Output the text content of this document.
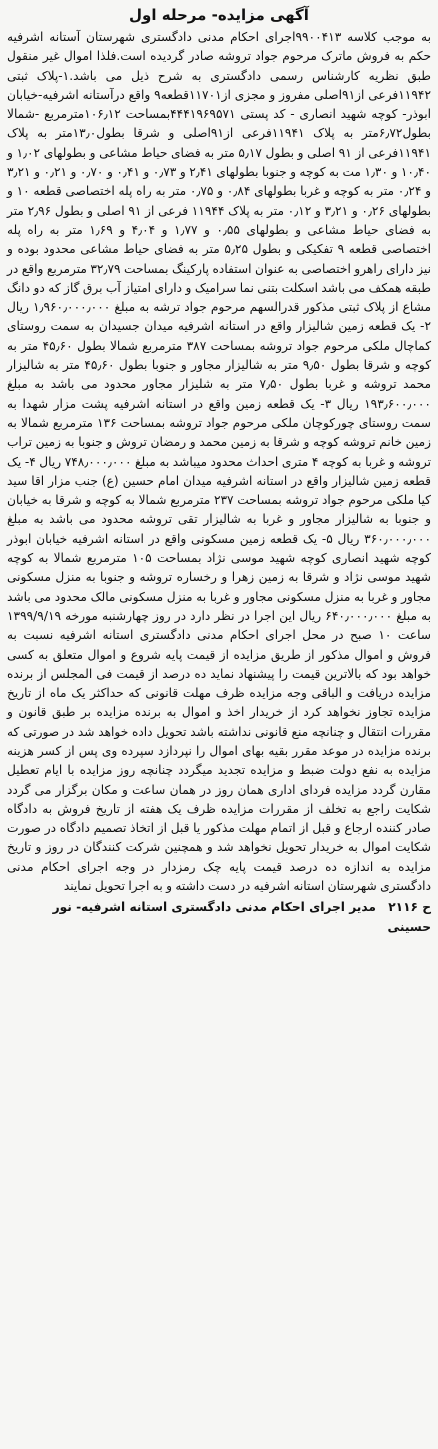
آگهی مزایده- مرحله اول

به موجب کلاسه ۹۹۰۰۴۱۳اجرای احکام مدنی دادگستری شهرستان آستانه اشرفیه حکم به فروش ماترک مرحوم جواد تروشه صادر گردیده است.فلذا اموال غیر منقول طبق نظریه کارشناس رسمی دادگستری به شرح ذیل می باشد.۱-پلاک ثبتی ۱۱۹۴۲فرعی از۹۱اصلی مفروز و مجزی از۱۱۷۰۱قطعه۹ واقع درآستانه اشرفیه-خیابان ابوذر- کوچه شهید انصاری - کد پستی ۴۴۴۱۹۶۹۵۷۱بمساحت ۱۰۶٫۱۲مترمربع -شمالا بطول۶٫۷۲متر به پلاک ۱۱۹۴۱فرعی از۹۱اصلی و شرقا بطول۱۳٫۰متر به پلاک ۱۱۹۴۱فرعی از ۹۱ اصلی و بطول ۵٫۱۷ متر به فضای حیاط مشاعی و بطولهای ۱٫۰۲ و ۱۰٫۴۰ و ۱٫۳۰ مت به کوچه و جنوبا بطولهای ۲٫۴۱ و ۰٫۷۳ و ۰٫۴۱ و ۰٫۷۰ و ۰٫۲۱ و ۳٫۲۱ و ۰٫۲۴ متر به کوچه و غربا بطولهای ۰٫۸۴ و ۰٫۷۵ متر به راه پله اختصاصی قطعه ۱۰ و بطولهای ۰٫۲۶ و ۳٫۲۱ و ۰٫۱۲ متر به پلاک ۱۱۹۴۴ فرعی از ۹۱ اصلی و بطول ۲٫۹۶ متر به فضای حیاط مشاعی و بطولهای ۰٫۵۵ و ۱٫۷۷ و ۴٫۰۴ و ۱٫۶۹ متر به راه پله اختصاصی قطعه ۹ تفکیکی و بطول ۵٫۲۵ متر به فضای حیاط مشاعی محدود بوده و نیز دارای راهرو اختصاصی به عنوان استفاده پارکینگ بمساحت ۳۲٫۷۹ مترمربع واقع در طبقه همکف می باشد اسکلت بتنی نما سرامیک و دارای امتیاز آب برق گاز که دو دانگ مشاع از پلاک ثبتی مذکور قدرالسهم مرحوم جواد ترشه به مبلغ ۱٫۹۶۰٫۰۰۰٫۰۰۰ ریال ۲- یک قطعه زمین شالیزار واقع در استانه اشرفیه میدان جسیدان به سمت روستای کماچال ملکی مرحوم جواد تروشه بمساحت ۳۸۷ مترمربع شمالا بطول ۴۵٫۶۰ متر به کوچه و شرقا بطول ۹٫۵۰ متر به شالیزار مجاور و جنوبا بطول ۴۵٫۶۰ متر به شالیزار محمد تروشه و غربا بطول ۷٫۵۰ متر به شلیزار مجاور محدود می باشد به مبلغ ۱۹۳٫۶۰۰٫۰۰۰ ریال ۳- یک قطعه زمین واقع در استانه اشرفیه پشت مزار شهدا به سمت روستای چورکوچان ملکی مرحوم جواد تروشه بمساحت ۱۳۶ مترمربع شمالا به زمین خانم تروشه کوچه و شرقا به زمین محمد و رمضان تروش و جنوبا به زمین تراب تروشه و غربا به کوچه ۴ متری احداث محدود میباشد به مبلغ ۷۴۸٫۰۰۰٫۰۰۰ ریال ۴- یک قطعه زمین شالیزار واقع در استانه اشرفیه میدان امام حسین (ع) جنب مزار اقا سید کیا ملکی مرحوم جواد تروشه بمساحت ۲۳۷ مترمربع شمالا به کوچه و شرقا به خیابان و جنوبا به شالیزار مجاور و غربا به شالیزار تقی تروشه محدود می باشد به مبلغ ۳۶۰٫۰۰۰٫۰۰۰ ریال ۵- یک قطعه زمین مسکونی واقع در استانه اشرفیه خیابان ابوذر کوچه شهید انصاری کوچه شهید موسی نژاد بمساحت ۱۰۵ مترمربع شمالا به کوچه شهید موسی نژاد و شرقا به زمین زهرا و رخساره تروشه و جنوبا به منزل مسکونی مجاور و غربا به منزل مسکونی مجاور و غربا به منزل مسکونی مالک محدود می باشد به مبلغ ۶۴۰٫۰۰۰٫۰۰۰ ریال این اجرا در نظر دارد در روز چهارشنبه مورخه ۱۳۹۹/۹/۱۹ ساعت ۱۰ صبح در محل اجرای احکام مدنی دادگستری استانه اشرفیه نسبت به فروش و اموال مذکور از طریق مزایده از قیمت پایه شروع و اموال متعلق به کسی خواهد بود که بالاترین قیمت را پیشنهاد نماید ده درصد از قیمت فی المجلس از برنده مزایده دریافت و الباقی وجه مزایده ظرف مهلت قانونی که حداکثر یک ماه از تاریخ مزایده تجاوز نخواهد کرد از خریدار اخذ و اموال به برنده مزایده بر طبق قانون و مقررات انتقال و چنانچه منع قانونی نداشته باشد تحویل داده خواهد شد در صورتی که برنده مزایده در موعد مقرر بقیه بهای اموال را نپردازد سپرده وی پس از کسر هزینه مزایده به نفع دولت ضبط و مزایده تجدید میگردد چنانچه روز مزایده با ایام تعطیل مقارن گردد مزایده فردای اداری همان روز در همان ساعت و مکان برگزار می گردد شکایت راجع به تخلف از مقررات مزایده ظرف یک هفته از تاریخ فروش به دادگاه صادر کننده ارجاع و قبل از اتمام مهلت مذکور یا قبل از اتخاذ تصمیم دادگاه در صورت شکایت اموال به خریدار تحویل نخواهد شد و همچنین شرکت کنندگان در روز و تاریخ مزایده به اندازه ده درصد قیمت پایه چک رمزدار در وجه اجرای احکام مدنی دادگستری شهرستان استانه اشرفیه در دست داشته و به اجرا تحویل نمایند

ح ۲۱۱۶ مدیر اجرای احکام مدنی دادگستری استانه اشرفیه- نور حسینی
